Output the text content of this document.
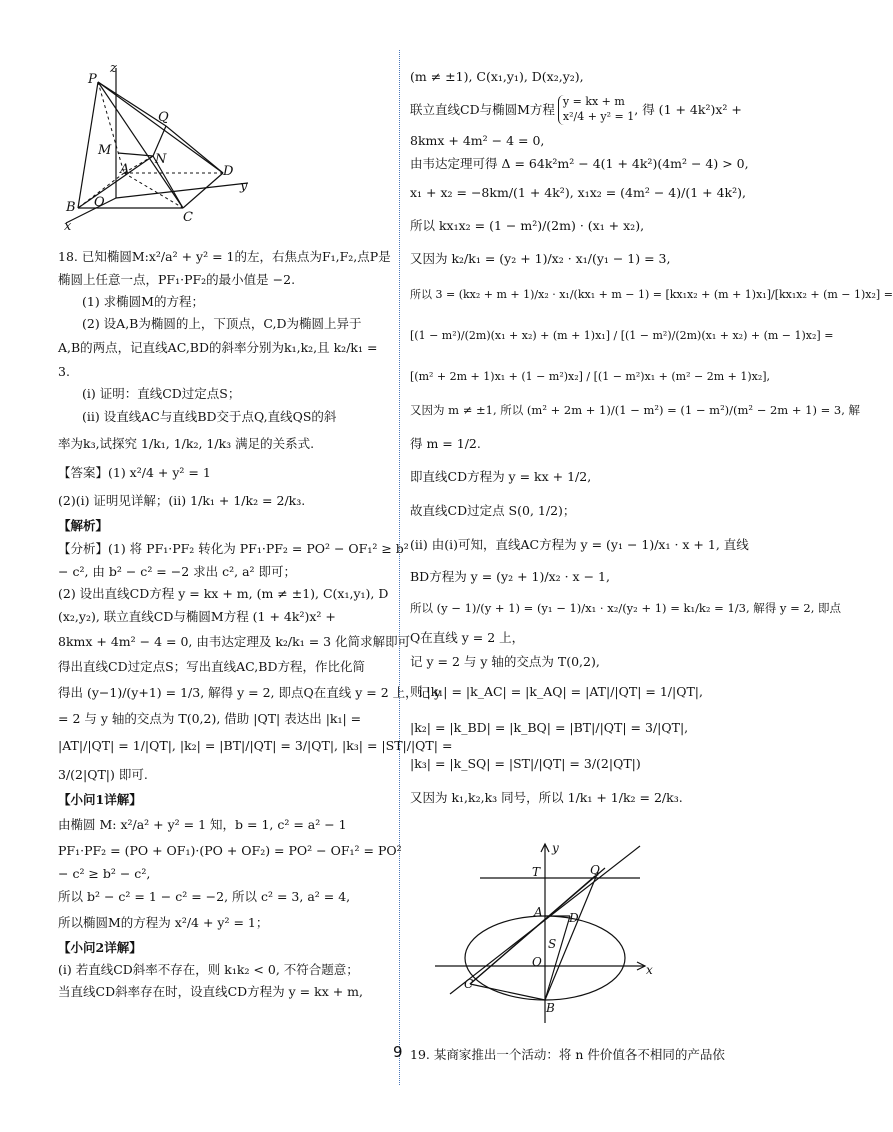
P
z
Q
M
N
A	D
y
B O
C
x
18. 已知椭圆M:x²/a² + y² = 1的左，右焦点为F₁,F₂,点P是
椭圆上任意一点，PF₁·PF₂的最小值是 −2.
(1) 求椭圆M的方程；
(2) 设A,B为椭圆的上，下顶点，C,D为椭圆上异于
A,B的两点，记直线AC,BD的斜率分别为k₁,k₂,且 k₂/k₁ =
3.
(ⅰ) 证明：直线CD过定点S；
(ⅱ) 设直线AC与直线BD交于点Q,直线QS的斜
率为k₃,试探究 1/k₁, 1/k₂, 1/k₃ 满足的关系式.
【答案】(1) x²/4 + y² = 1
(2)(ⅰ) 证明见详解；(ⅱ) 1/k₁ + 1/k₂ = 2/k₃.
【解析】
【分析】(1) 将 PF₁·PF₂ 转化为 PF₁·PF₂ = PO² − OF₁² ≥ b²
− c², 由 b² − c² = −2 求出 c², a² 即可；
(2) 设出直线CD方程 y = kx + m, (m ≠ ±1), C(x₁,y₁), D
(x₂,y₂), 联立直线CD与椭圆M方程 (1 + 4k²)x² +
8kmx + 4m² − 4 = 0, 由韦达定理及 k₂/k₁ = 3 化简求解即可
得出直线CD过定点S；写出直线AC,BD方程，作比化简
得出 (y−1)/(y+1) = 1/3, 解得 y = 2, 即点Q在直线 y = 2 上，记 y
= 2 与 y 轴的交点为 T(0,2), 借助 |QT| 表达出 |k₁| =
|AT|/|QT| = 1/|QT|, |k₂| = |BT|/|QT| = 3/|QT|, |k₃| = |ST|/|QT| =
3/(2|QT|) 即可.
【小问1详解】
由椭圆 M: x²/a² + y² = 1 知，b = 1, c² = a² − 1
PF₁·PF₂ = (PO + OF₁)·(PO + OF₂) = PO² − OF₁² = PO²
− c² ≥ b² − c²,
所以 b² − c² = 1 − c² = −2, 所以 c² = 3, a² = 4,
所以椭圆M的方程为 x²/4 + y² = 1；
【小问2详解】
(ⅰ) 若直线CD斜率不存在，则 k₁k₂ < 0, 不符合题意；
当直线CD斜率存在时，设直线CD方程为 y = kx + m,
(m ≠ ±1), C(x₁,y₁), D(x₂,y₂),
联立直线CD与椭圆M方程
y = kx + m
x²/4 + y² = 1 , 得 (1 + 4k²)x² +
8kmx + 4m² − 4 = 0,
由韦达定理可得 Δ = 64k²m² − 4(1 + 4k²)(4m² − 4) > 0,
x₁ + x₂ = −8km/(1 + 4k²), x₁x₂ = (4m² − 4)/(1 + 4k²),
所以 kx₁x₂ = (1 − m²)/(2m) · (x₁ + x₂),
又因为 k₂/k₁ = (y₂ + 1)/x₂ · x₁/(y₁ − 1) = 3,
所以 3 = (kx₂ + m + 1)/x₂ · x₁/(kx₁ + m − 1) = [kx₁x₂ + (m + 1)x₁]/[kx₁x₂ + (m − 1)x₂] =
[(1 − m²)/(2m)(x₁ + x₂) + (m + 1)x₁] / [(1 − m²)/(2m)(x₁ + x₂) + (m − 1)x₂] =
[(m² + 2m + 1)x₁ + (1 − m²)x₂] / [(1 − m²)x₁ + (m² − 2m + 1)x₂],
又因为 m ≠ ±1, 所以 (m² + 2m + 1)/(1 − m²) = (1 − m²)/(m² − 2m + 1) = 3, 解
得 m = 1/2.
即直线CD方程为 y = kx + 1/2,
故直线CD过定点 S(0, 1/2)；
(ⅱ) 由(ⅰ)可知，直线AC方程为 y = (y₁ − 1)/x₁ · x + 1, 直线
BD方程为 y = (y₂ + 1)/x₂ · x − 1,
所以 (y − 1)/(y + 1) = (y₁ − 1)/x₁ · x₂/(y₂ + 1) = k₁/k₂ = 1/3, 解得 y = 2, 即点
Q在直线 y = 2 上，
记 y = 2 与 y 轴的交点为 T(0,2),
则 |k₁| = |k_AC| = |k_AQ| = |AT|/|QT| = 1/|QT|,
|k₂| = |k_BD| = |k_BQ| = |BT|/|QT| = 3/|QT|,
|k₃| = |k_SQ| = |ST|/|QT| = 3/(2|QT|)
又因为 k₁,k₂,k₃ 同号，所以 1/k₁ + 1/k₂ = 2/k₃.
y
T	Q
A D
S
O
x
C
B
9 19. 某商家推出一个活动：将 n 件价值各不相同的产品依
